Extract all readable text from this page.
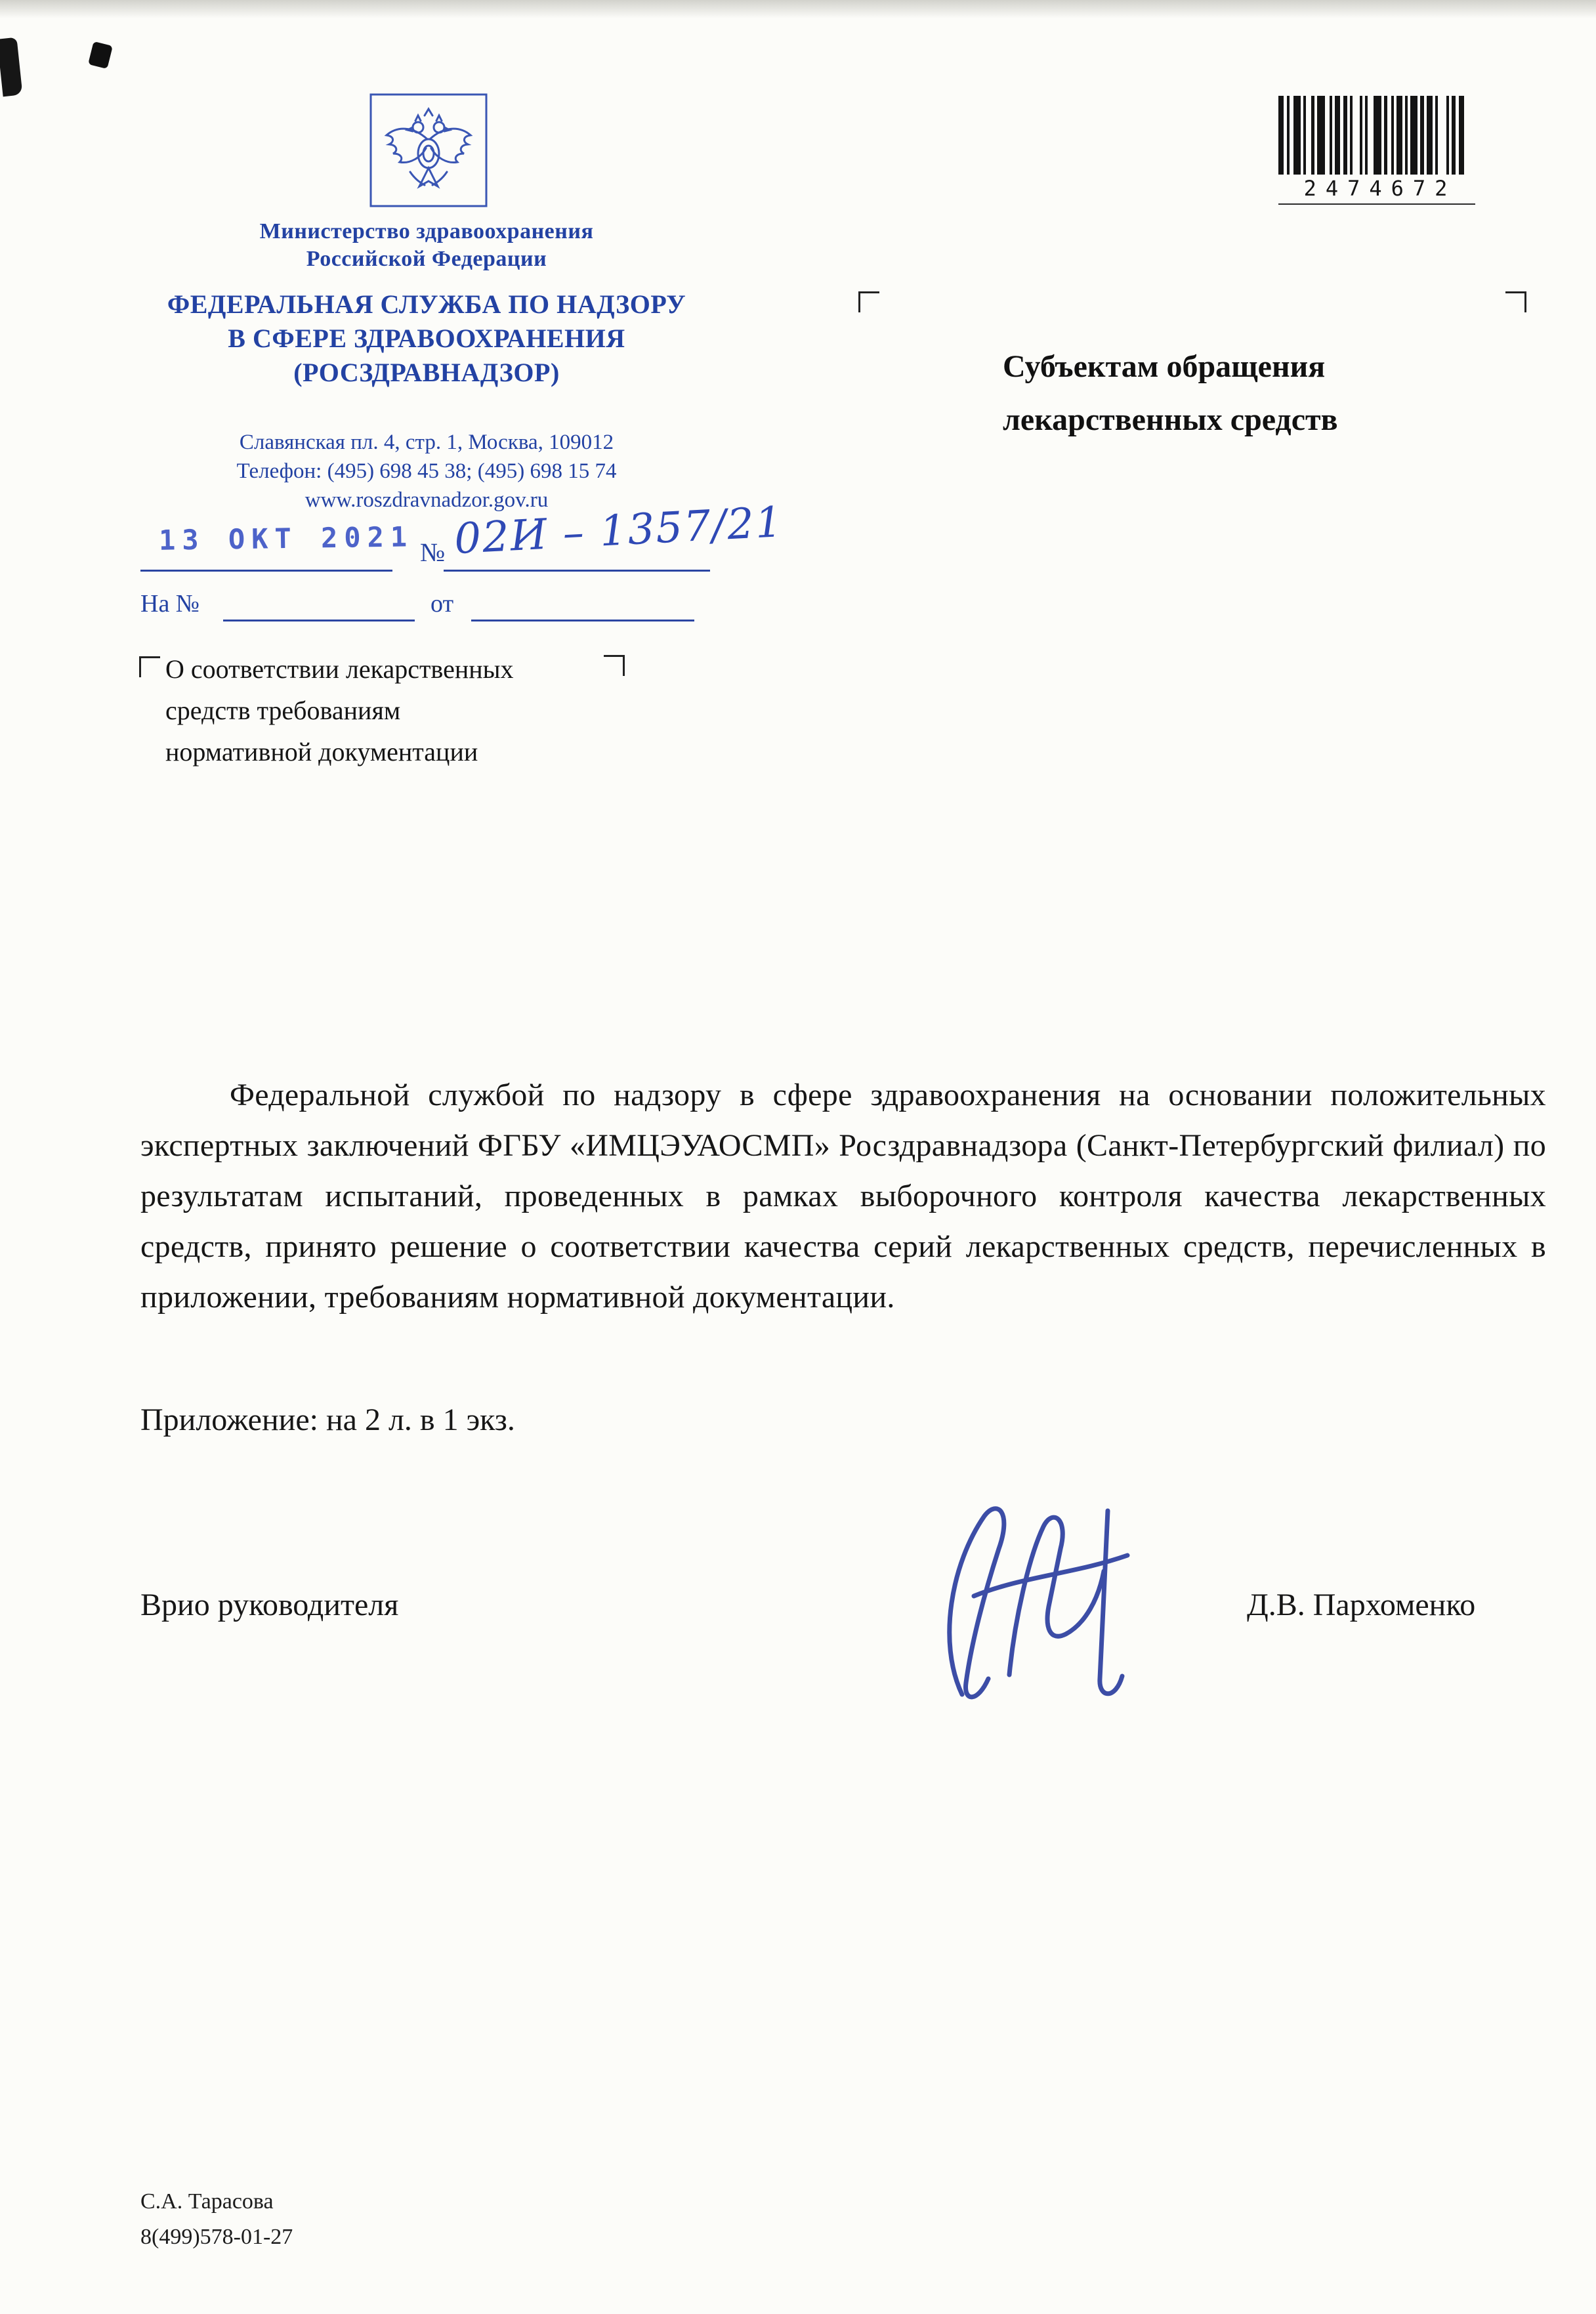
Министерство здравоохранения
Российской Федерации
ФЕДЕРАЛЬНАЯ СЛУЖБА ПО НАДЗОРУ
В СФЕРЕ ЗДРАВООХРАНЕНИЯ
(РОСЗДРАВНАДЗОР)
Славянская пл. 4, стр. 1, Москва, 109012
Телефон: (495) 698 45 38; (495) 698 15 74
www.roszdravnadzor.gov.ru
2474672
Субъектам обращения
лекарственных средств
13 ОКТ 2021 № 02И – 1357/21
На №	от
О соответствии лекарственных
средств требованиям
нормативной документации
Федеральной службой по надзору в сфере здравоохранения на основании положительных экспертных заключений ФГБУ «ИМЦЭУАОСМП» Росздравнадзора (Санкт-Петербургский филиал) по результатам испытаний, проведенных в рамках выборочного контроля качества лекарственных средств, принято решение о соответствии качества серий лекарственных средств, перечисленных в приложении, требованиям нормативной документации.
Приложение: на 2 л. в 1 экз.
Врио руководителя	Д.В. Пархоменко
С.А. Тарасова
8(499)578-01-27
